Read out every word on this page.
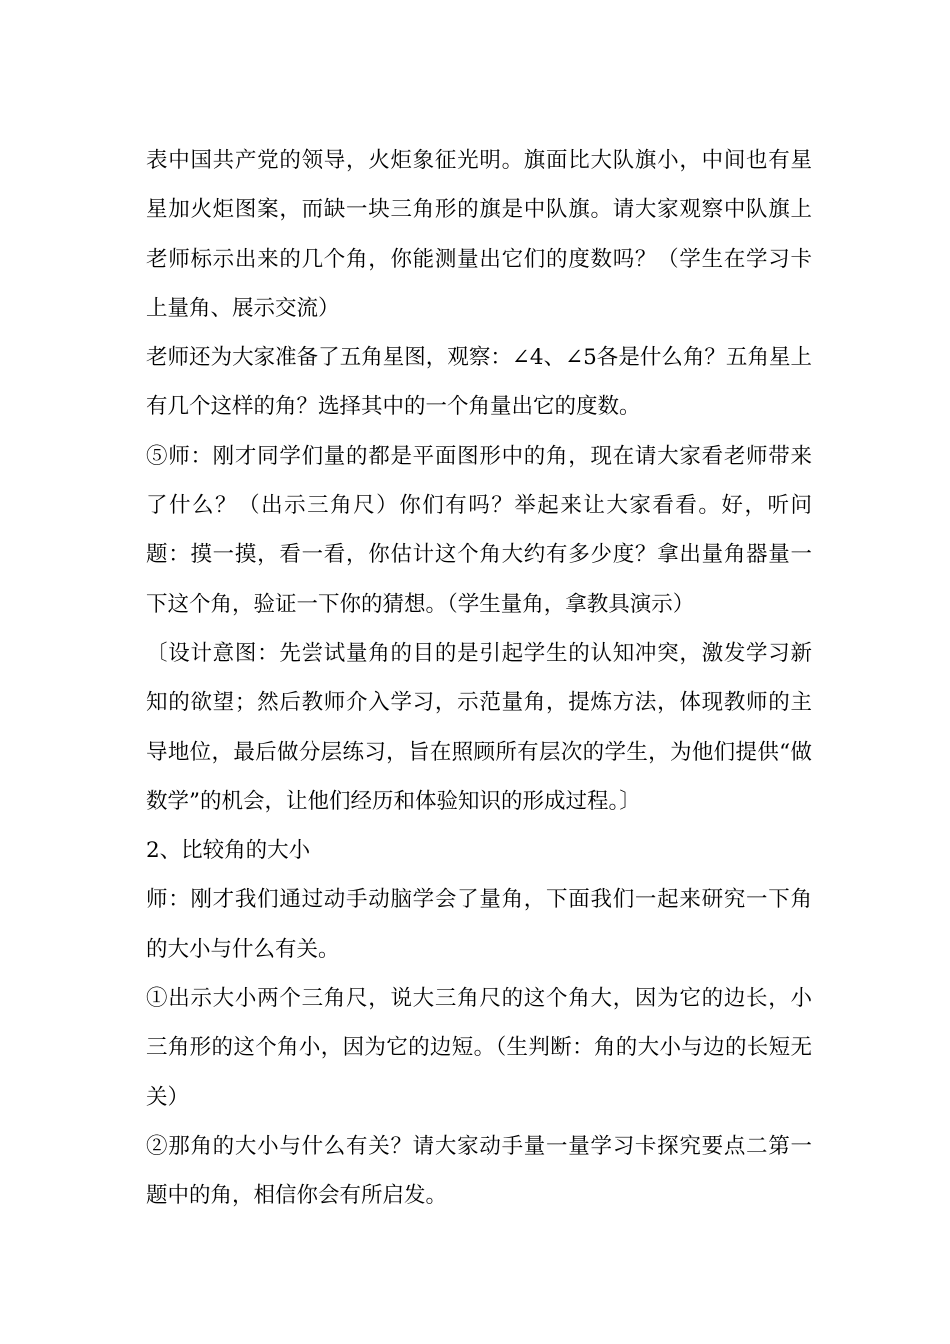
表中国共产党的领导，火炬象征光明。旗面比大队旗小，中间也有星星加火炬图案，而缺一块三角形的旗是中队旗。请大家观察中队旗上老师标示出来的几个角，你能测量出它们的度数吗？（学生在学习卡上量角、展示交流）

老师还为大家准备了五角星图，观察：∠4、∠5各是什么角？五角星上有几个这样的角？选择其中的一个角量出它的度数。

⑤师：刚才同学们量的都是平面图形中的角，现在请大家看老师带来了什么？（出示三角尺）你们有吗？举起来让大家看看。好，听问题：摸一摸，看一看，你估计这个角大约有多少度？拿出量角器量一下这个角，验证一下你的猜想。（学生量角，拿教具演示）

〔设计意图：先尝试量角的目的是引起学生的认知冲突，激发学习新知的欲望；然后教师介入学习，示范量角，提炼方法，体现教师的主导地位，最后做分层练习，旨在照顾所有层次的学生，为他们提供“做数学”的机会，让他们经历和体验知识的形成过程。〕

2、比较角的大小

师：刚才我们通过动手动脑学会了量角，下面我们一起来研究一下角的大小与什么有关。

①出示大小两个三角尺，说大三角尺的这个角大，因为它的边长，小三角形的这个角小，因为它的边短。（生判断：角的大小与边的长短无关）

②那角的大小与什么有关？请大家动手量一量学习卡探究要点二第一题中的角，相信你会有所启发。
